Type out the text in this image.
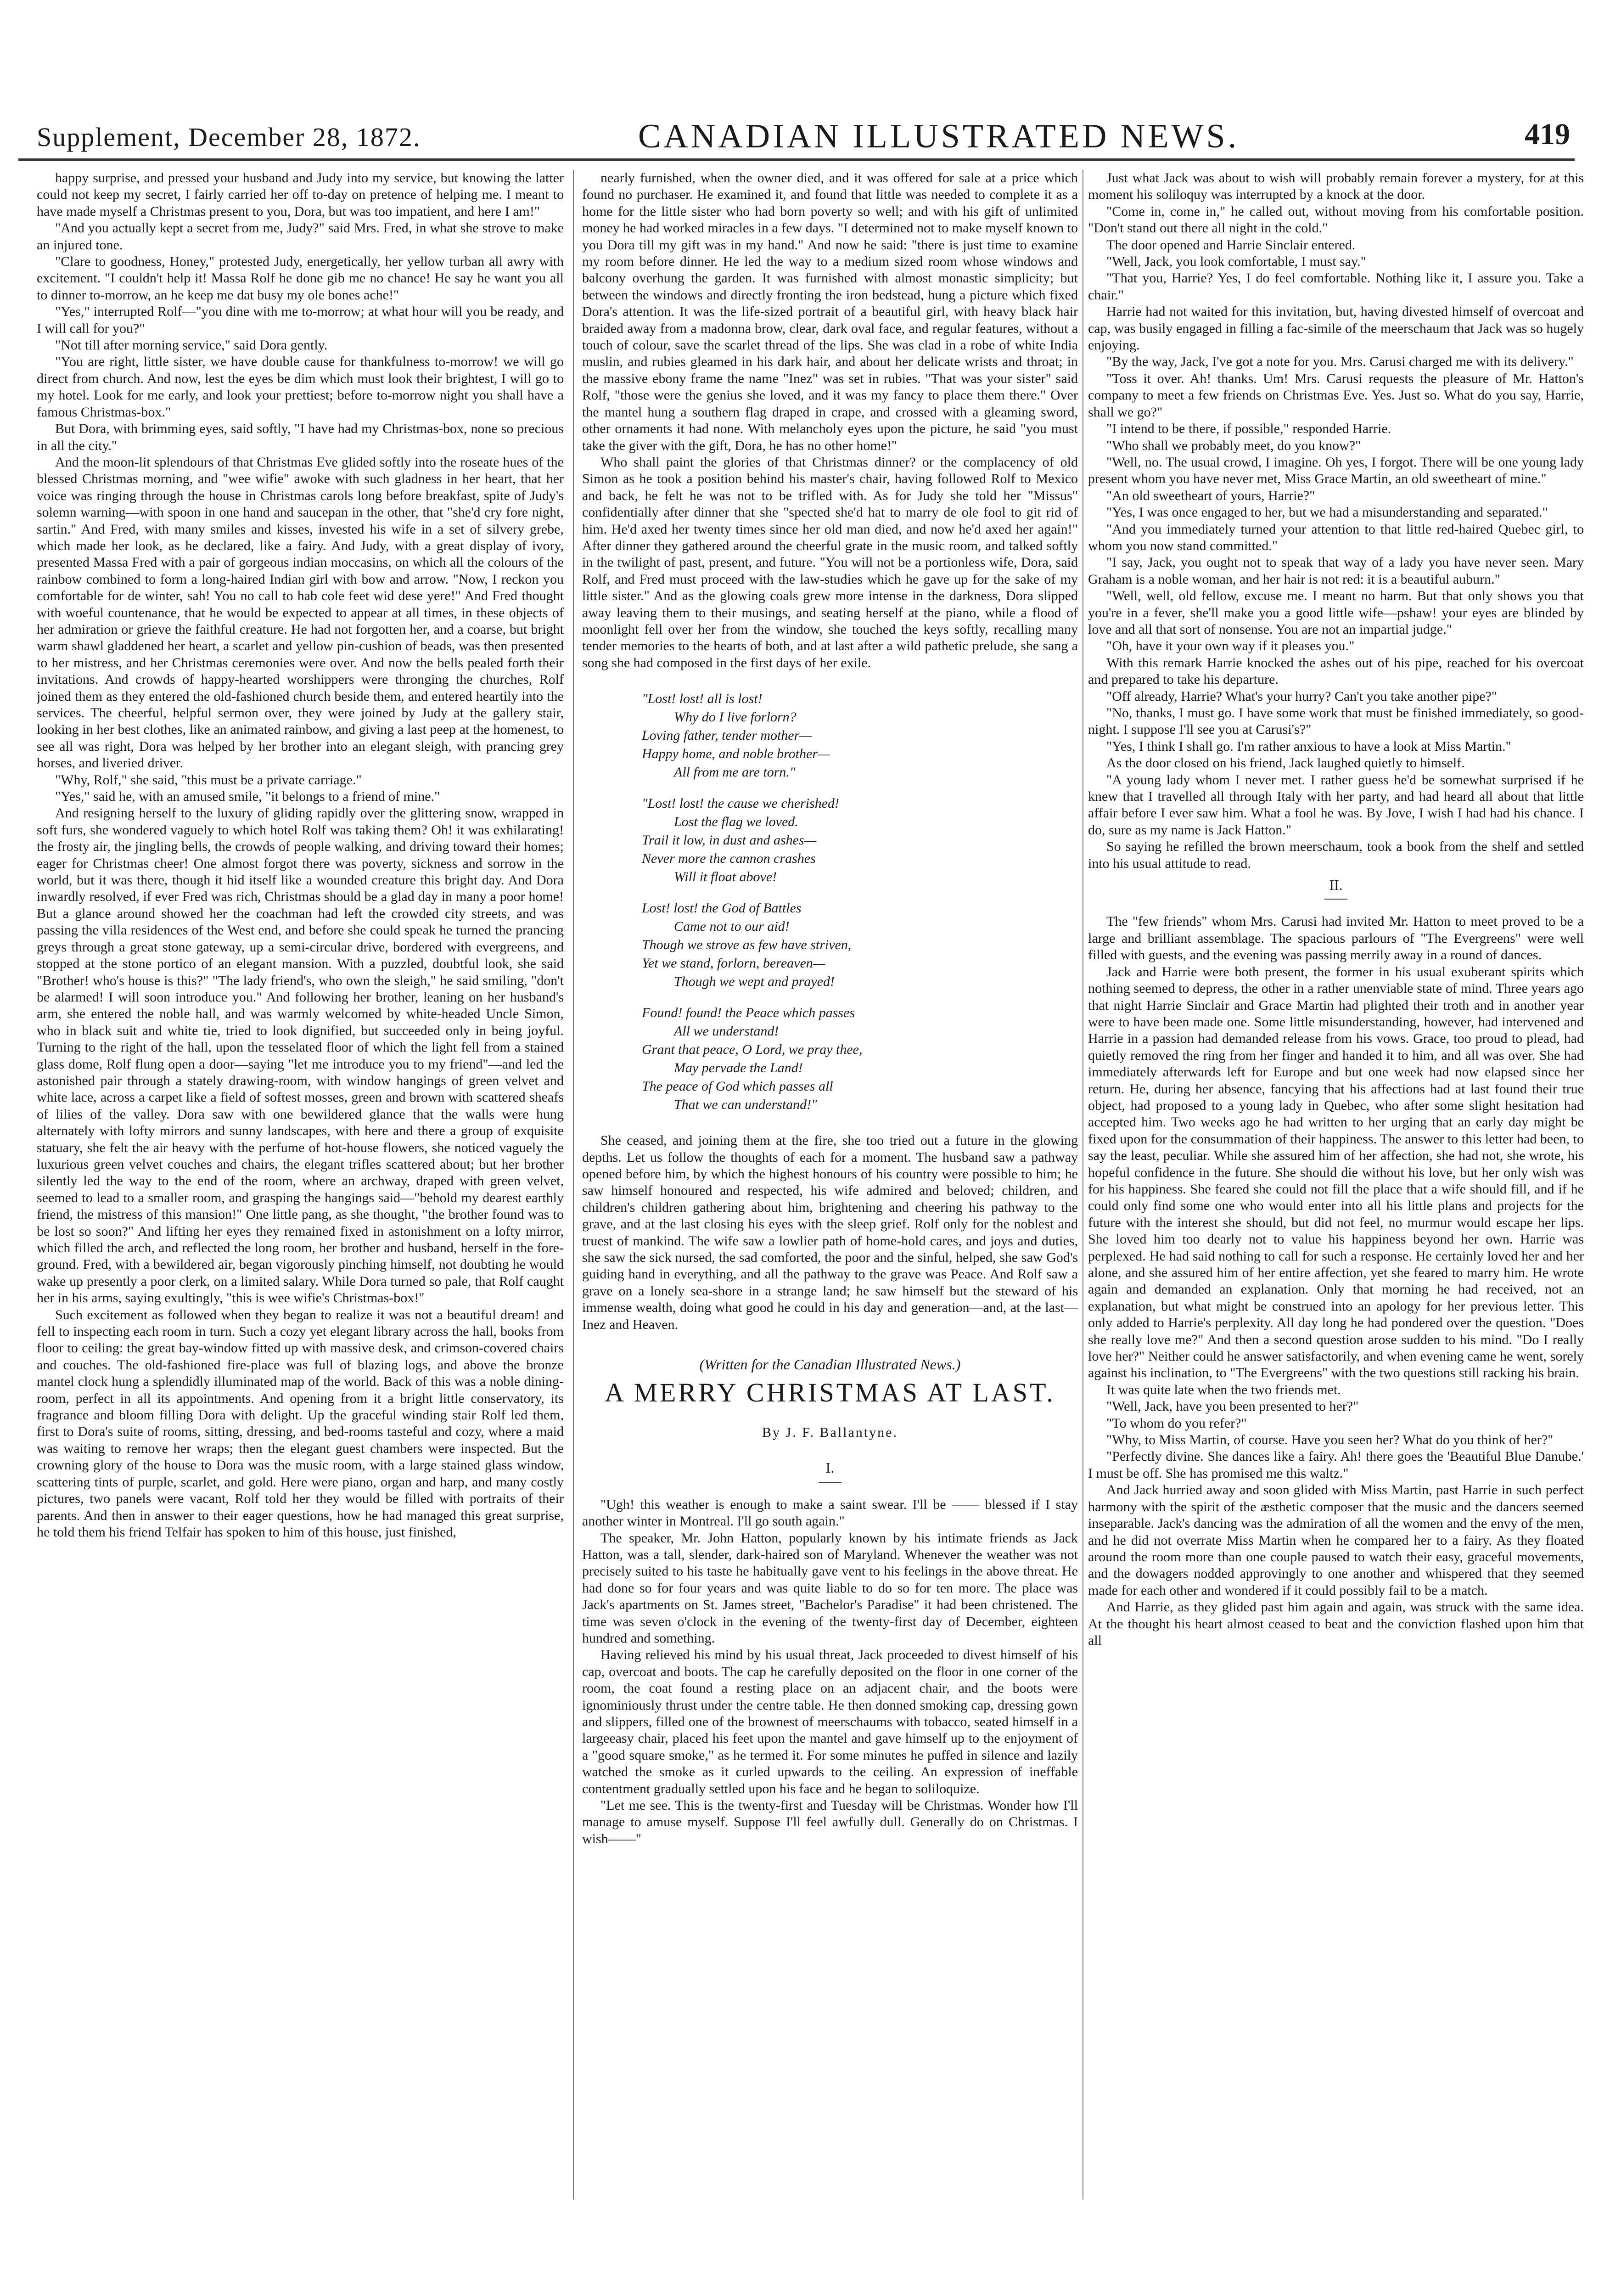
Supplement, December 28, 1872.	CANADIAN ILLUSTRATED NEWS.	419

happy surprise, and pressed your husband and Judy into my service, but knowing the latter could not keep my secret, I fairly carried her off to-day on pretence of helping me. I meant to have made myself a Christmas present to you, Dora, but was too impatient, and here I am!"

"And you actually kept a secret from me, Judy?" said Mrs. Fred, in what she strove to make an injured tone.

"Clare to goodness, Honey," protested Judy, energetically, her yellow turban all awry with excitement. "I couldn't help it! Massa Rolf he done gib me no chance! He say he want you all to dinner to-morrow, an he keep me dat busy my ole bones ache!"

"Yes," interrupted Rolf—"you dine with me to-morrow; at what hour will you be ready, and I will call for you?"

"Not till after morning service," said Dora gently.

"You are right, little sister, we have double cause for thankfulness to-morrow! we will go direct from church. And now, lest the eyes be dim which must look their brightest, I will go to my hotel. Look for me early, and look your prettiest; before to-morrow night you shall have a famous Christmas-box."

But Dora, with brimming eyes, said softly, "I have had my Christmas-box, none so precious in all the city."

And the moon-lit splendours of that Christmas Eve glided softly into the roseate hues of the blessed Christmas morning, and "wee wifie" awoke with such gladness in her heart, that her voice was ringing through the house in Christmas carols long before breakfast, spite of Judy's solemn warning—with spoon in one hand and saucepan in the other, that "she'd cry fore night, sartin." And Fred, with many smiles and kisses, invested his wife in a set of silvery grebe, which made her look, as he declared, like a fairy. And Judy, with a great display of ivory, presented Massa Fred with a pair of gorgeous indian moccasins, on which all the colours of the rainbow combined to form a long-haired Indian girl with bow and arrow. "Now, I reckon you comfortable for de winter, sah! You no call to hab cole feet wid dese yere!" And Fred thought with woeful countenance, that he would be expected to appear at all times, in these objects of her admiration or grieve the faithful creature. He had not forgotten her, and a coarse, but bright warm shawl gladdened her heart, a scarlet and yellow pin-cushion of beads, was then presented to her mistress, and her Christmas ceremonies were over. And now the bells pealed forth their invitations. And crowds of happy-hearted worshippers were thronging the churches, Rolf joined them as they entered the old-fashioned church beside them, and entered heartily into the services. The cheerful, helpful sermon over, they were joined by Judy at the gallery stair, looking in her best clothes, like an animated rainbow, and giving a last peep at the homenest, to see all was right, Dora was helped by her brother into an elegant sleigh, with prancing grey horses, and liveried driver.

"Why, Rolf," she said, "this must be a private carriage."

"Yes," said he, with an amused smile, "it belongs to a friend of mine."

And resigning herself to the luxury of gliding rapidly over the glittering snow, wrapped in soft furs, she wondered vaguely to which hotel Rolf was taking them? Oh! it was exhilarating! the frosty air, the jingling bells, the crowds of people walking, and driving toward their homes; eager for Christmas cheer! One almost forgot there was poverty, sickness and sorrow in the world, but it was there, though it hid itself like a wounded creature this bright day. And Dora inwardly resolved, if ever Fred was rich, Christmas should be a glad day in many a poor home! But a glance around showed her the coachman had left the crowded city streets, and was passing the villa residences of the West end, and before she could speak he turned the prancing greys through a great stone gateway, up a semi-circular drive, bordered with evergreens, and stopped at the stone portico of an elegant mansion. With a puzzled, doubtful look, she said "Brother! who's house is this?" "The lady friend's, who own the sleigh," he said smiling, "don't be alarmed! I will soon introduce you." And following her brother, leaning on her husband's arm, she entered the noble hall, and was warmly welcomed by white-headed Uncle Simon, who in black suit and white tie, tried to look dignified, but succeeded only in being joyful. Turning to the right of the hall, upon the tesselated floor of which the light fell from a stained glass dome, Rolf flung open a door—saying "let me introduce you to my friend"—and led the astonished pair through a stately drawing-room, with window hangings of green velvet and white lace, across a carpet like a field of softest mosses, green and brown with scattered sheafs of lilies of the valley. Dora saw with one bewildered glance that the walls were hung alternately with lofty mirrors and sunny landscapes, with here and there a group of exquisite statuary, she felt the air heavy with the perfume of hot-house flowers, she noticed vaguely the luxurious green velvet couches and chairs, the elegant trifles scattered about; but her brother silently led the way to the end of the room, where an archway, draped with green velvet, seemed to lead to a smaller room, and grasping the hangings said—"behold my dearest earthly friend, the mistress of this mansion!" One little pang, as she thought, "the brother found was to be lost so soon?" And lifting her eyes they remained fixed in astonishment on a lofty mirror, which filled the arch, and reflected the long room, her brother and husband, herself in the fore-ground. Fred, with a bewildered air, began vigorously pinching himself, not doubting he would wake up presently a poor clerk, on a limited salary. While Dora turned so pale, that Rolf caught her in his arms, saying exultingly, "this is wee wifie's Christmas-box!"

Such excitement as followed when they began to realize it was not a beautiful dream! and fell to inspecting each room in turn. Such a cozy yet elegant library across the hall, books from floor to ceiling: the great bay-window fitted up with massive desk, and crimson-covered chairs and couches. The old-fashioned fire-place was full of blazing logs, and above the bronze mantel clock hung a splendidly illuminated map of the world. Back of this was a noble dining-room, perfect in all its appointments. And opening from it a bright little conservatory, its fragrance and bloom filling Dora with delight. Up the graceful winding stair Rolf led them, first to Dora's suite of rooms, sitting, dressing, and bed-rooms tasteful and cozy, where a maid was waiting to remove her wraps; then the elegant guest chambers were inspected. But the crowning glory of the house to Dora was the music room, with a large stained glass window, scattering tints of purple, scarlet, and gold. Here were piano, organ and harp, and many costly pictures, two panels were vacant, Rolf told her they would be filled with portraits of their parents. And then in answer to their eager questions, how he had managed this great surprise, he told them his friend Telfair has spoken to him of this house, just finished,

nearly furnished, when the owner died, and it was offered for sale at a price which found no purchaser. He examined it, and found that little was needed to complete it as a home for the little sister who had born poverty so well; and with his gift of unlimited money he had worked miracles in a few days. "I determined not to make myself known to you Dora till my gift was in my hand." And now he said: "there is just time to examine my room before dinner. He led the way to a medium sized room whose windows and balcony overhung the garden. It was furnished with almost monastic simplicity; but between the windows and directly fronting the iron bedstead, hung a picture which fixed Dora's attention. It was the life-sized portrait of a beautiful girl, with heavy black hair braided away from a madonna brow, clear, dark oval face, and regular features, without a touch of colour, save the scarlet thread of the lips. She was clad in a robe of white India muslin, and rubies gleamed in his dark hair, and about her delicate wrists and throat; in the massive ebony frame the name "Inez" was set in rubies. "That was your sister" said Rolf, "those were the genius she loved, and it was my fancy to place them there." Over the mantel hung a southern flag draped in crape, and crossed with a gleaming sword, other ornaments it had none. With melancholy eyes upon the picture, he said "you must take the giver with the gift, Dora, he has no other home!"

Who shall paint the glories of that Christmas dinner? or the complacency of old Simon as he took a position behind his master's chair, having followed Rolf to Mexico and back, he felt he was not to be trifled with. As for Judy she told her "Missus" confidentially after dinner that she "spected she'd hat to marry de ole fool to git rid of him. He'd axed her twenty times since her old man died, and now he'd axed her again!" After dinner they gathered around the cheerful grate in the music room, and talked softly in the twilight of past, present, and future. "You will not be a portionless wife, Dora, said Rolf, and Fred must proceed with the law-studies which he gave up for the sake of my little sister." And as the glowing coals grew more intense in the darkness, Dora slipped away leaving them to their musings, and seating herself at the piano, while a flood of moonlight fell over her from the window, she touched the keys softly, recalling many tender memories to the hearts of both, and at last after a wild pathetic prelude, she sang a song she had composed in the first days of her exile.

"Lost! lost! all is lost!
Why do I live forlorn?
Loving father, tender mother—
Happy home, and noble brother—
All from me are torn."
"Lost! lost! the cause we cherished!
Lost the flag we loved.
Trail it low, in dust and ashes—
Never more the cannon crashes
Will it float above!
Lost! lost! the God of Battles
Came not to our aid!
Though we strove as few have striven,
Yet we stand, forlorn, bereaven—
Though we wept and prayed!
Found! found! the Peace which passes
All we understand!
Grant that peace, O Lord, we pray thee,
May pervade the Land!
The peace of God which passes all
That we can understand!"

She ceased, and joining them at the fire, she too tried out a future in the glowing depths. Let us follow the thoughts of each for a moment. The husband saw a pathway opened before him, by which the highest honours of his country were possible to him; he saw himself honoured and respected, his wife admired and beloved; children, and children's children gathering about him, brightening and cheering his pathway to the grave, and at the last closing his eyes with the sleep grief. Rolf only for the noblest and truest of mankind. The wife saw a lowlier path of home-hold cares, and joys and duties, she saw the sick nursed, the sad comforted, the poor and the sinful, helped, she saw God's guiding hand in everything, and all the pathway to the grave was Peace. And Rolf saw a grave on a lonely sea-shore in a strange land; he saw himself but the steward of his immense wealth, doing what good he could in his day and generation—and, at the last—Inez and Heaven.

(Written for the Canadian Illustrated News.)
A MERRY CHRISTMAS AT LAST.
By J. F. Ballantyne.
I.

"Ugh! this weather is enough to make a saint swear. I'll be —— blessed if I stay another winter in Montreal. I'll go south again."

The speaker, Mr. John Hatton, popularly known by his intimate friends as Jack Hatton, was a tall, slender, dark-haired son of Maryland. Whenever the weather was not precisely suited to his taste he habitually gave vent to his feelings in the above threat. He had done so for four years and was quite liable to do so for ten more. The place was Jack's apartments on St. James street, "Bachelor's Paradise" it had been christened. The time was seven o'clock in the evening of the twenty-first day of December, eighteen hundred and something.

Having relieved his mind by his usual threat, Jack proceeded to divest himself of his cap, overcoat and boots. The cap he carefully deposited on the floor in one corner of the room, the coat found a resting place on an adjacent chair, and the boots were ignominiously thrust under the centre table. He then donned smoking cap, dressing gown and slippers, filled one of the brownest of meerschaums with tobacco, seated himself in a largeeasy chair, placed his feet upon the mantel and gave himself up to the enjoyment of a "good square smoke," as he termed it. For some minutes he puffed in silence and lazily watched the smoke as it curled upwards to the ceiling. An expression of ineffable contentment gradually settled upon his face and he began to soliloquize.

"Let me see. This is the twenty-first and Tuesday will be Christmas. Wonder how I'll manage to amuse myself. Suppose I'll feel awfully dull. Generally do on Christmas. I wish——"

Just what Jack was about to wish will probably remain forever a mystery, for at this moment his soliloquy was interrupted by a knock at the door.

"Come in, come in," he called out, without moving from his comfortable position. "Don't stand out there all night in the cold."

The door opened and Harrie Sinclair entered.

"Well, Jack, you look comfortable, I must say."

"That you, Harrie? Yes, I do feel comfortable. Nothing like it, I assure you. Take a chair."

Harrie had not waited for this invitation, but, having divested himself of overcoat and cap, was busily engaged in filling a fac-simile of the meerschaum that Jack was so hugely enjoying.

"By the way, Jack, I've got a note for you. Mrs. Carusi charged me with its delivery."

"Toss it over. Ah! thanks. Um! Mrs. Carusi requests the pleasure of Mr. Hatton's company to meet a few friends on Christmas Eve. Yes. Just so. What do you say, Harrie, shall we go?"

"I intend to be there, if possible," responded Harrie.

"Who shall we probably meet, do you know?"

"Well, no. The usual crowd, I imagine. Oh yes, I forgot. There will be one young lady present whom you have never met, Miss Grace Martin, an old sweetheart of mine."

"An old sweetheart of yours, Harrie?"

"Yes, I was once engaged to her, but we had a misunderstanding and separated."

"And you immediately turned your attention to that little red-haired Quebec girl, to whom you now stand committed."

"I say, Jack, you ought not to speak that way of a lady you have never seen. Mary Graham is a noble woman, and her hair is not red: it is a beautiful auburn."

"Well, well, old fellow, excuse me. I meant no harm. But that only shows you that you're in a fever, she'll make you a good little wife—pshaw! your eyes are blinded by love and all that sort of nonsense. You are not an impartial judge."

"Oh, have it your own way if it pleases you."

With this remark Harrie knocked the ashes out of his pipe, reached for his overcoat and prepared to take his departure.

"Off already, Harrie? What's your hurry? Can't you take another pipe?"

"No, thanks, I must go. I have some work that must be finished immediately, so good-night. I suppose I'll see you at Carusi's?"

"Yes, I think I shall go. I'm rather anxious to have a look at Miss Martin."

As the door closed on his friend, Jack laughed quietly to himself.

"A young lady whom I never met. I rather guess he'd be somewhat surprised if he knew that I travelled all through Italy with her party, and had heard all about that little affair before I ever saw him. What a fool he was. By Jove, I wish I had had his chance. I do, sure as my name is Jack Hatton."

So saying he refilled the brown meerschaum, took a book from the shelf and settled into his usual attitude to read.

II.

The "few friends" whom Mrs. Carusi had invited Mr. Hatton to meet proved to be a large and brilliant assemblage. The spacious parlours of "The Evergreens" were well filled with guests, and the evening was passing merrily away in a round of dances.

Jack and Harrie were both present, the former in his usual exuberant spirits which nothing seemed to depress, the other in a rather unenviable state of mind. Three years ago that night Harrie Sinclair and Grace Martin had plighted their troth and in another year were to have been made one. Some little misunderstanding, however, had intervened and Harrie in a passion had demanded release from his vows. Grace, too proud to plead, had quietly removed the ring from her finger and handed it to him, and all was over. She had immediately afterwards left for Europe and but one week had now elapsed since her return. He, during her absence, fancying that his affections had at last found their true object, had proposed to a young lady in Quebec, who after some slight hesitation had accepted him. Two weeks ago he had written to her urging that an early day might be fixed upon for the consummation of their happiness. The answer to this letter had been, to say the least, peculiar. While she assured him of her affection, she had not, she wrote, his hopeful confidence in the future. She should die without his love, but her only wish was for his happiness. She feared she could not fill the place that a wife should fill, and if he could only find some one who would enter into all his little plans and projects for the future with the interest she should, but did not feel, no murmur would escape her lips. She loved him too dearly not to value his happiness beyond her own. Harrie was perplexed. He had said nothing to call for such a response. He certainly loved her and her alone, and she assured him of her entire affection, yet she feared to marry him. He wrote again and demanded an explanation. Only that morning he had received, not an explanation, but what might be construed into an apology for her previous letter. This only added to Harrie's perplexity. All day long he had pondered over the question. "Does she really love me?" And then a second question arose sudden to his mind. "Do I really love her?" Neither could he answer satisfactorily, and when evening came he went, sorely against his inclination, to "The Evergreens" with the two questions still racking his brain.

It was quite late when the two friends met.

"Well, Jack, have you been presented to her?"

"To whom do you refer?"

"Why, to Miss Martin, of course. Have you seen her? What do you think of her?"

"Perfectly divine. She dances like a fairy. Ah! there goes the 'Beautiful Blue Danube.' I must be off. She has promised me this waltz."

And Jack hurried away and soon glided with Miss Martin, past Harrie in such perfect harmony with the spirit of the æsthetic composer that the music and the dancers seemed inseparable. Jack's dancing was the admiration of all the women and the envy of the men, and he did not overrate Miss Martin when he compared her to a fairy. As they floated around the room more than one couple paused to watch their easy, graceful movements, and the dowagers nodded approvingly to one another and whispered that they seemed made for each other and wondered if it could possibly fail to be a match.

And Harrie, as they glided past him again and again, was struck with the same idea. At the thought his heart almost ceased to beat and the conviction flashed upon him that all
